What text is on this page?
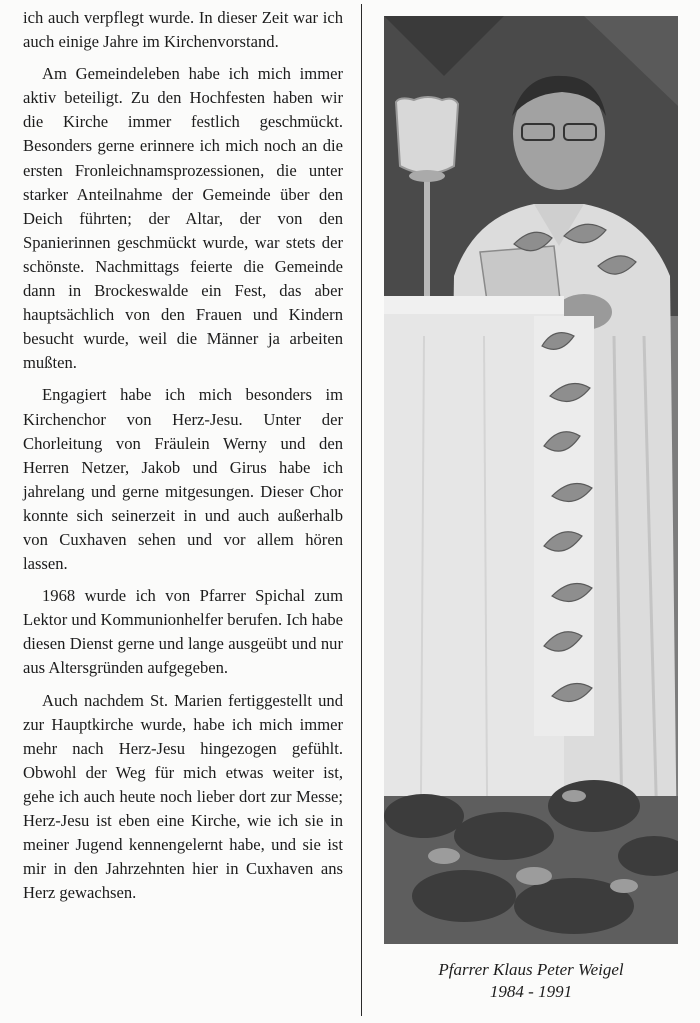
ich auch verpflegt wurde. In dieser Zeit war ich auch einige Jahre im Kirchenvorstand.

Am Gemeindeleben habe ich mich immer aktiv beteiligt. Zu den Hochfesten haben wir die Kirche immer festlich geschmückt. Besonders gerne erinnere ich mich noch an die ersten Fronleichnamsprozessionen, die unter starker Anteilnahme der Gemeinde über den Deich führten; der Altar, der von den Spanierinnen geschmückt wurde, war stets der schönste. Nachmittags feierte die Gemeinde dann in Brockeswalde ein Fest, das aber hauptsächlich von den Frauen und Kindern besucht wurde, weil die Männer ja arbeiten mußten.

Engagiert habe ich mich besonders im Kirchenchor von Herz-Jesu. Unter der Chorleitung von Fräulein Werny und den Herren Netzer, Jakob und Girus habe ich jahrelang und gerne mitgesungen. Dieser Chor konnte sich seinerzeit in und auch außerhalb von Cuxhaven sehen und vor allem hören lassen.

1968 wurde ich von Pfarrer Spichal zum Lektor und Kommunionhelfer berufen. Ich habe diesen Dienst gerne und lange ausgeübt und nur aus Altersgründen aufgegeben.

Auch nachdem St. Marien fertiggestellt und zur Hauptkirche wurde, habe ich mich immer mehr nach Herz-Jesu hingezogen gefühlt. Obwohl der Weg für mich etwas weiter ist, gehe ich auch heute noch lieber dort zur Messe; Herz-Jesu ist eben eine Kirche, wie ich sie in meiner Jugend kennengelernt habe, und sie ist mir in den Jahrzehnten hier in Cuxhaven ans Herz gewachsen.

Pfarrer Klaus Peter Weigel
1984 - 1991
